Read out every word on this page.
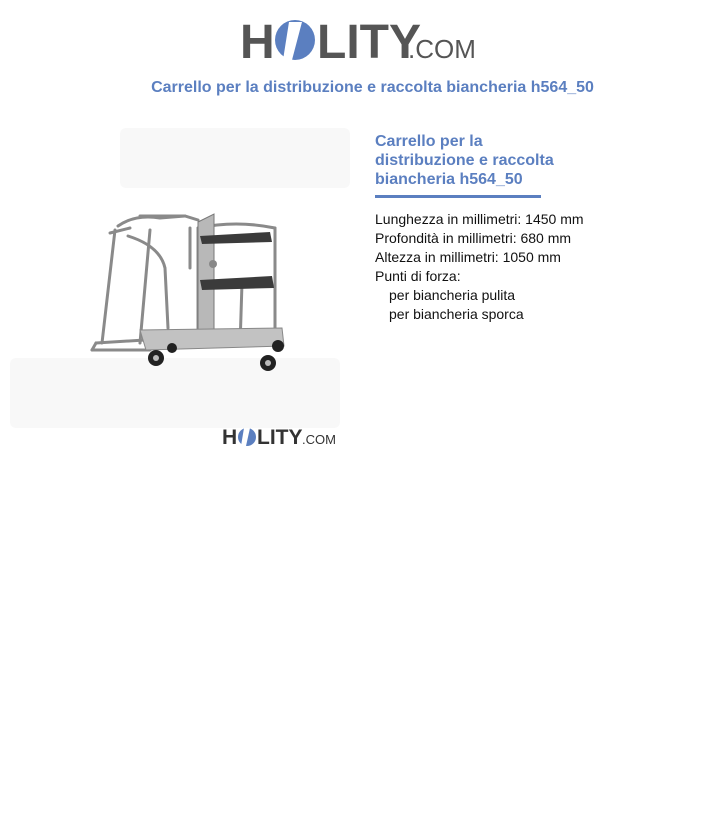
H LITY
.COM
Carrello per la distribuzione e raccolta biancheria h564_50
H LITY .COM
Carrello per la distribuzione e raccolta biancheria h564_50
Lunghezza in millimetri: 1450 mm
Profondità in millimetri: 680 mm
Altezza in millimetri: 1050 mm
Punti di forza:
per biancheria pulita
per biancheria sporca
